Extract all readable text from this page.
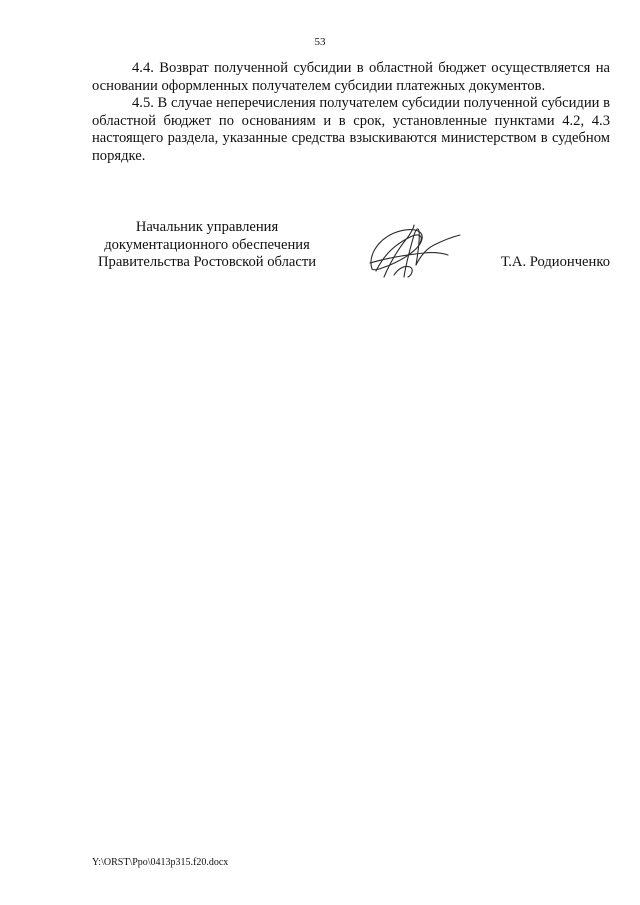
53

4.4. Возврат полученной субсидии в областной бюджет осуществляется на основании оформленных получателем субсидии платежных документов.

4.5. В случае неперечисления получателем субсидии полученной субсидии в областной бюджет по основаниям и в срок, установленные пунктами 4.2, 4.3 настоящего раздела, указанные средства взыскиваются министерством в судебном порядке.

Начальник управления
документационного обеспечения
Правительства Ростовской области	Т.А. Родионченко
Y:\ORST\Ppo\0413p315.f20.docx
